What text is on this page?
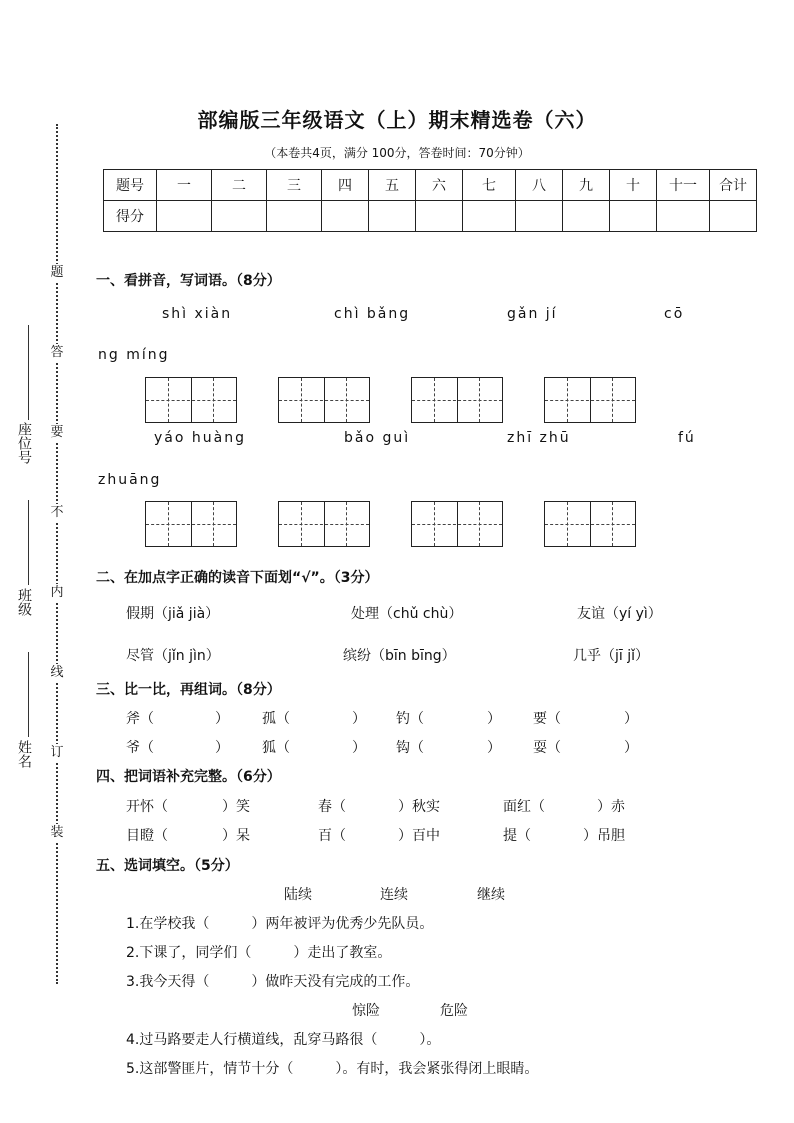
题
答
要
不
内
线
订
装
座位号
班级
姓名
部编版三年级语文（上）期末精选卷（六）
（本卷共4页，满分 100分，答卷时间：70分钟）
题号	一	二	三	四	五	六	七	八	九	十	十一	合计
得分												
一、看拼音，写词语。（8分）
shì xiàn	chì bǎng	gǎn jí	cō
ng míng
yáo huàng	bǎo guì	zhī zhū	fú
zhuāng
二、在加点字正确的读音下面划“√”。（3分）
假期（jiǎ jià）	处理（chǔ chù）	友谊（yí yì）
尽管（jǐn jìn）	缤纷（bīn bīng）	几乎（jī jǐ）
三、比一比，再组词。（8分）
斧（	） 孤（	） 钓（	） 要（	）
爷（	） 狐（	） 钩（	） 耍（	）
四、把词语补充完整。（6分）
开怀（	）笑	春（	）秋实	面红（	）赤
目瞪（	）呆	百（	）百中	提（	）吊胆
五、选词填空。（5分）
陆续	连续	继续
1.在学校我（　　　）两年被评为优秀少先队员。
2.下课了，同学们（　　　）走出了教室。
3.我今天得（　　　）做昨天没有完成的工作。
惊险	危险
4.过马路要走人行横道线，乱穿马路很（　　　）。
5.这部警匪片，情节十分（　　　）。有时，我会紧张得闭上眼睛。
